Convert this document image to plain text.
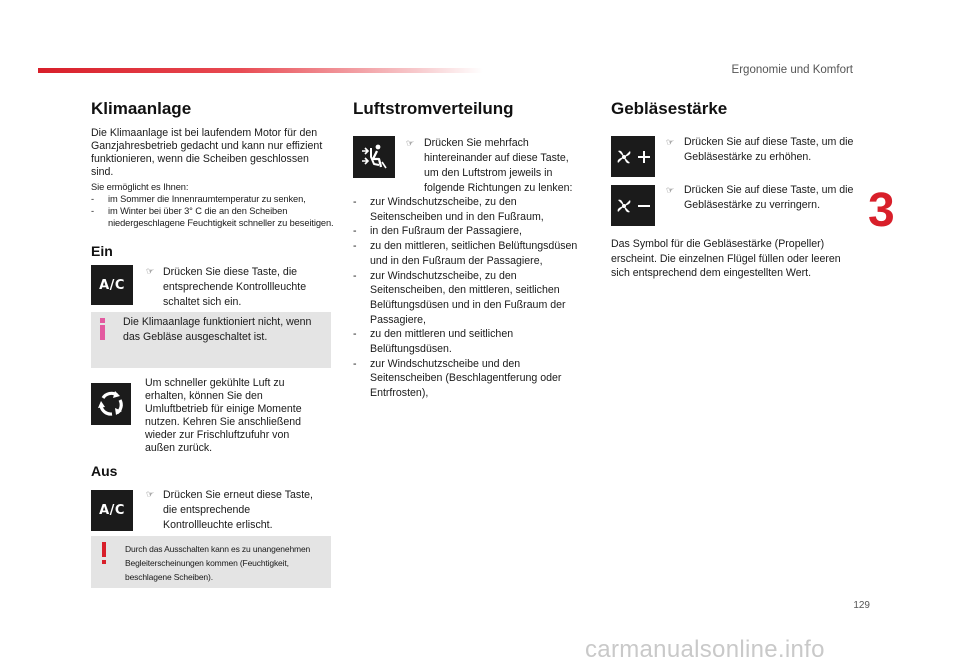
Ergonomie und Komfort
Klimaanlage
Die Klimaanlage ist bei laufendem Motor für den Ganzjahresbetrieb gedacht und kann nur effizient funktionieren, wenn die Scheiben geschlossen sind.
Sie ermöglicht es Ihnen:
- im Sommer die Innenraumtemperatur zu senken,
- im Winter bei über 3° C die an den Scheiben niedergeschlagene Feuchtigkeit schneller zu beseitigen.
Ein
A/C
☞ Drücken Sie diese Taste, die entsprechende Kontrollleuchte schaltet sich ein.
Die Klimaanlage funktioniert nicht, wenn das Gebläse ausgeschaltet ist.
Um schneller gekühlte Luft zu erhalten, können Sie den Umluftbetrieb für einige Momente nutzen. Kehren Sie anschließend wieder zur Frischluftzufuhr von außen zurück.
Aus
A/C
☞ Drücken Sie erneut diese Taste, die entsprechende Kontrollleuchte erlischt.
Durch das Ausschalten kann es zu unangenehmen Begleiterscheinungen kommen (Feuchtigkeit, beschlagene Scheiben).
Luftstromverteilung
☞ Drücken Sie mehrfach hintereinander auf diese Taste, um den Luftstrom jeweils in folgende Richtungen zu lenken:
- zur Windschutzscheibe, zu den Seitenscheiben und in den Fußraum,
- in den Fußraum der Passagiere,
- zu den mittleren, seitlichen Belüftungsdüsen und in den Fußraum der Passagiere,
- zur Windschutzscheibe, zu den Seitenscheiben, den mittleren, seitlichen Belüftungsdüsen und in den Fußraum der Passagiere,
- zu den mittleren und seitlichen Belüftungsdüsen.
- zur Windschutzscheibe und den Seitenscheiben (Beschlagentferung oder Entrfrosten),
Gebläsestärke
☞ Drücken Sie auf diese Taste, um die Gebläsestärke zu erhöhen.
☞ Drücken Sie auf diese Taste, um die Gebläsestärke zu verringern.
Das Symbol für die Gebläsestärke (Propeller) erscheint. Die einzelnen Flügel füllen oder leeren sich entsprechend dem eingestellten Wert.
3
129
carmanualsonline.info
